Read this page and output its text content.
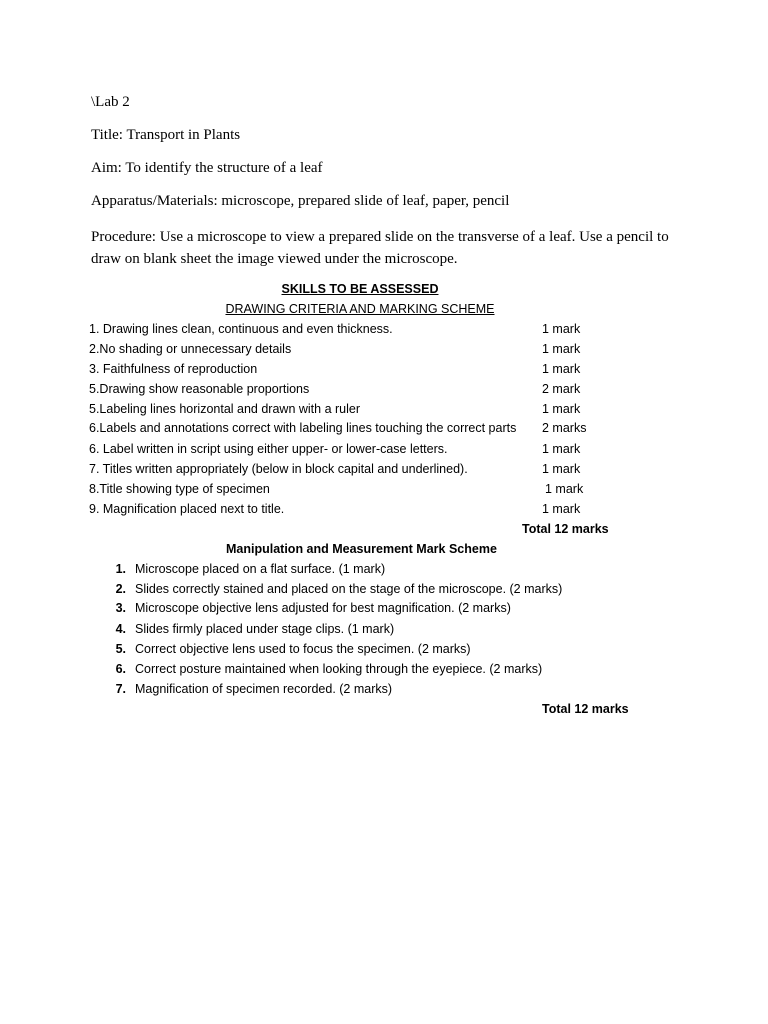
\Lab 2
Title: Transport in Plants
Aim: To identify the structure of a leaf
Apparatus/Materials: microscope, prepared slide of leaf, paper, pencil
Procedure: Use a microscope to view a prepared slide on the transverse of a leaf. Use a pencil to draw on blank sheet the image viewed under the microscope.
SKILLS TO BE ASSESSED
DRAWING CRITERIA AND MARKING SCHEME
1. Drawing lines clean, continuous and even thickness.	1 mark
2.No shading or unnecessary details	1 mark
3. Faithfulness of reproduction	1 mark
5.Drawing show reasonable proportions	2 mark
5.Labeling lines horizontal and drawn with a ruler	1 mark
6.Labels and annotations correct with labeling lines touching the correct parts 2 marks
6. Label written in script using either upper- or lower-case letters.	1 mark
7. Titles written appropriately (below in block capital and underlined).	1 mark
8.Title showing type of specimen	1 mark
9. Magnification placed next to title.	1 mark
Total 12 marks
Manipulation and Measurement Mark Scheme
1. Microscope placed on a flat surface. (1 mark)
2. Slides correctly stained and placed on the stage of the microscope. (2 marks)
3. Microscope objective lens adjusted for best magnification. (2 marks)
4. Slides firmly placed under stage clips. (1 mark)
5. Correct objective lens used to focus the specimen. (2 marks)
6. Correct posture maintained when looking through the eyepiece. (2 marks)
7. Magnification of specimen recorded. (2 marks)
Total 12 marks
